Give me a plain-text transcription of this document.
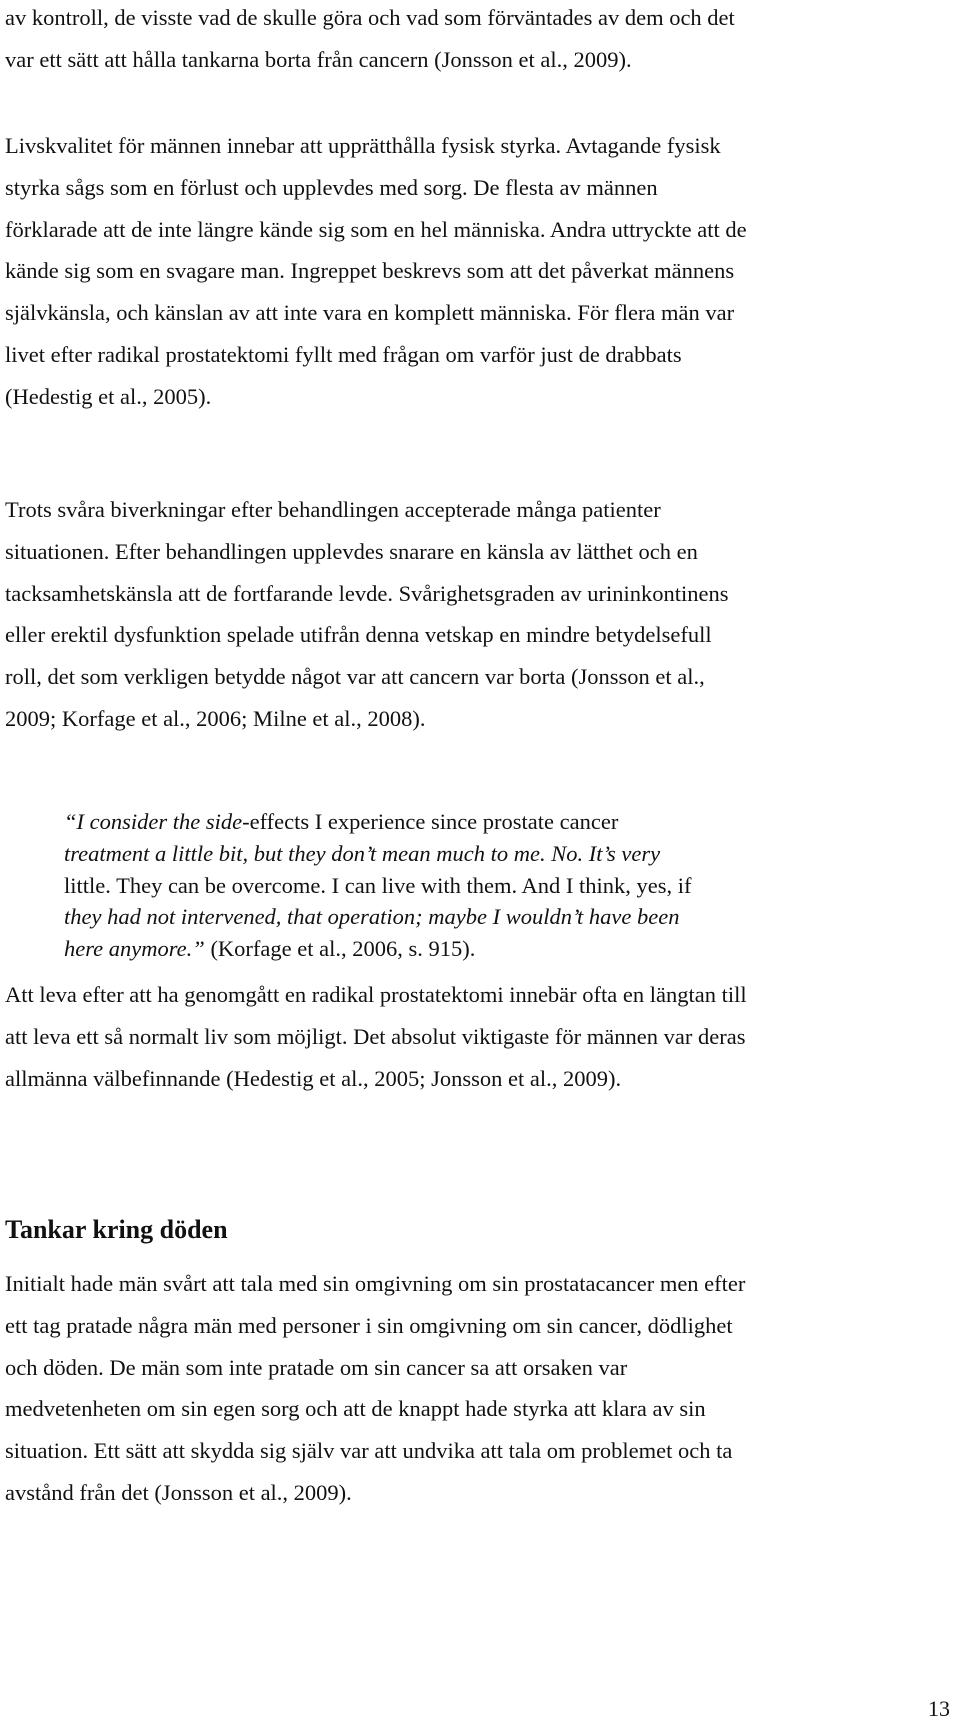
av kontroll, de visste vad de skulle göra och vad som förväntades av dem och det
var ett sätt att hålla tankarna borta från cancern (Jonsson et al., 2009).

Livskvalitet för männen innebar att upprätthålla fysisk styrka. Avtagande fysisk
styrka sågs som en förlust och upplevdes med sorg. De flesta av männen
förklarade att de inte längre kände sig som en hel människa. Andra uttryckte att de
kände sig som en svagare man. Ingreppet beskrevs som att det påverkat männens
självkänsla, och känslan av att inte vara en komplett människa. För flera män var
livet efter radikal prostatektomi fyllt med frågan om varför just de drabbats
(Hedestig et al., 2005).

Trots svåra biverkningar efter behandlingen accepterade många patienter
situationen. Efter behandlingen upplevdes snarare en känsla av lätthet och en
tacksamhetskänsla att de fortfarande levde. Svårighetsgraden av urininkontinens
eller erektil dysfunktion spelade utifrån denna vetskap en mindre betydelsefull
roll, det som verkligen betydde något var att cancern var borta (Jonsson et al.,
2009; Korfage et al., 2006; Milne et al., 2008).

“I consider the side-effects I experience since prostate cancer
treatment a little bit, but they don’t mean much to me. No. It’s very
little. They can be overcome. I can live with them. And I think, yes, if
they had not intervened, that operation; maybe I wouldn’t have been
here anymore.” (Korfage et al., 2006, s. 915).

Att leva efter att ha genomgått en radikal prostatektomi innebär ofta en längtan till
att leva ett så normalt liv som möjligt. Det absolut viktigaste för männen var deras
allmänna välbefinnande (Hedestig et al., 2005; Jonsson et al., 2009).

Tankar kring döden

Initialt hade män svårt att tala med sin omgivning om sin prostatacancer men efter
ett tag pratade några män med personer i sin omgivning om sin cancer, dödlighet
och döden. De män som inte pratade om sin cancer sa att orsaken var
medvetenheten om sin egen sorg och att de knappt hade styrka att klara av sin
situation. Ett sätt att skydda sig själv var att undvika att tala om problemet och ta
avstånd från det (Jonsson et al., 2009).

13
